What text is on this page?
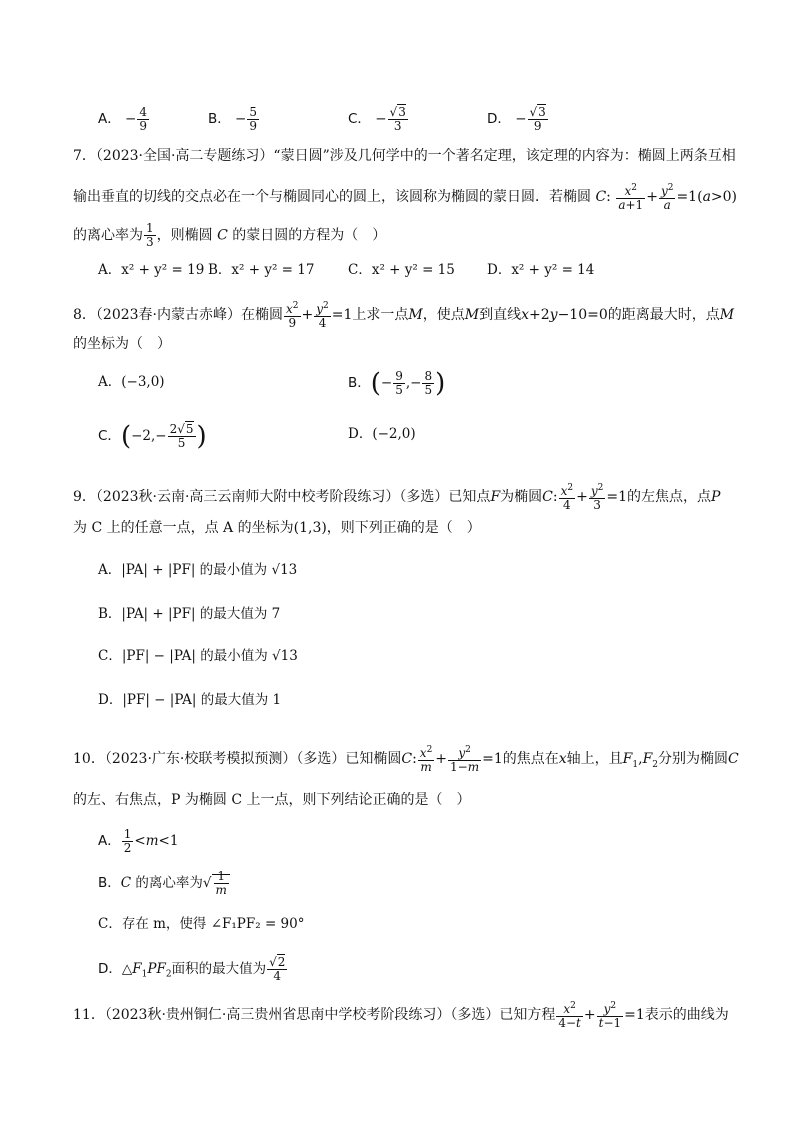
A． − $\frac{4}{9}$	B． − $\frac{5}{9}$	C． − $\frac{√3}{3}$	D． − $\frac{√3}{9}$
7．（2023·全国·高二专题练习）“蒙日圆”涉及几何学中的一个著名定理，该定理的内容为：椭圆上两条互相
输出垂直的切线的交点必在一个与椭圆同心的圆上，该圆称为椭圆的蒙日圆．若椭圆 C: $\frac{x^2}{a+1} + \frac{y^2}{a} =1(a>0)$
的离心率为 $\frac{1}{3}$ ，则椭圆 C 的蒙日圆的方程为（　）
A．x² + y² = 19 B．x² + y² = 17 C．x² + y² = 15 D．x² + y² = 14
8．（2023春·内蒙古赤峰）在椭圆 $\frac{x^2}{9} + \frac{y^2}{4} =1$上求一点M，使点M到直线x+2y−10=0的距离最大时，点M
的坐标为（　）
A．(−3,0)	B．(− $\frac{9}{5}$ ,− $\frac{8}{5}$ )
C．($-2,- \frac{2√5}{5}$ )	D．(−2,0)
9．（2023秋·云南·高三云南师大附中校考阶段练习）（多选）已知点F为椭圆C: $\frac{x^2}{4} + \frac{y^2}{3} =1$的左焦点，点P
为 C 上的任意一点，点 A 的坐标为(1,3)，则下列正确的是（　）
A．|PA| + |PF| 的最小值为 √13
B．|PA| + |PF| 的最大值为 7
C．|PF| − |PA| 的最小值为 √13
D．|PF| − |PA| 的最大值为 1
10．（2023·广东·校联考模拟预测）（多选）已知椭圆C: $\frac{x^2}{m} + \frac{y^2}{1-m} =1$的焦点在x轴上，且$F_1,F_2$分别为椭圆C
的左、右焦点，P 为椭圆 C 上一点，则下列结论正确的是（　）
A． $\frac{1}{2} <m<1$
B．C 的离心率为√ $\frac{1}{m}$
C．存在 m，使得 ∠F₁PF₂ = 90°
D．$\triangle F_1PF_2$面积的最大值为 $\frac{√2}{4}$
11．（2023秋·贵州铜仁·高三贵州省思南中学校考阶段练习）（多选）已知方程 $\frac{x^2}{4-t} + \frac{y^2}{t-1} =1$表示的曲线为
